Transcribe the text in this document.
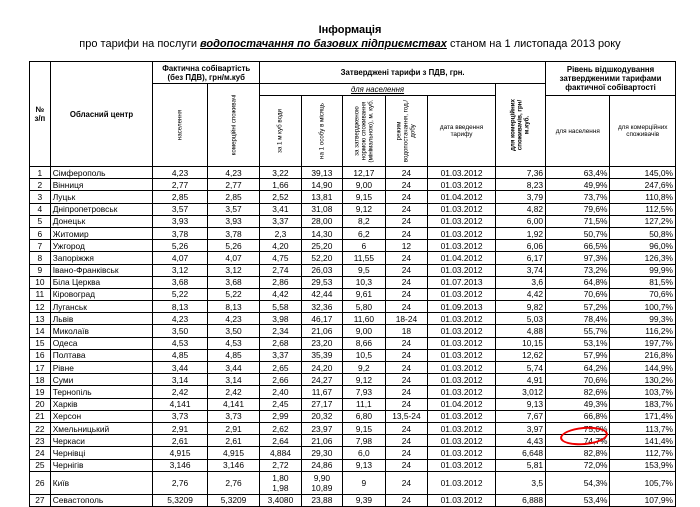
Інформація
про тарифи на послуги водопостачання по базових підприємствах станом на 1 листопада 2013 року
№ з/п	Обласний центр	Фактична собівартість (без ПДВ), грн/м.куб		Затверджені тарифи з ПДВ, грн.						Рівень відшкодування затвердженими тарифами фактичної собівартості	

		населення	комерційні споживачі	для населення					для комерційних споживачів, грн/м.куб.		

				за 1 м куб води	на 1 особу в місяць	за затвердженою нормою споживання (мінімальною), м. куб.	режим водопостачання, год./добу	дата введення тарифу		для населення	для комерційних споживачів
1	Сімферополь	4,23	4,23	3,22	39,13	12,17	24	01.03.2012	7,36	63,4%	145,0%
2	Вінниця	2,77	2,77	1,66	14,90	9,00	24	01.03.2012	8,23	49,9%	247,6%
3	Луцьк	2,85	2,85	2,52	13,81	9,15	24	01.04.2012	3,79	73,7%	110,8%
4	Дніпропетровськ	3,57	3,57	3,41	31,08	9,12	24	01.03.2012	4,82	79,6%	112,5%
5	Донецьк	3,93	3,93	3,37	28,00	8,2	24	01.03.2012	6,00	71,5%	127,2%
6	Житомир	3,78	3,78	2,3	14,30	6,2	24	01.03.2012	1,92	50,7%	50,8%
7	Ужгород	5,26	5,26	4,20	25,20	6	12	01.03.2012	6,06	66,5%	96,0%
8	Запоріжжя	4,07	4,07	4,75	52,20	11,55	24	01.04.2012	6,17	97,3%	126,3%
9	Івано-Франківськ	3,12	3,12	2,74	26,03	9,5	24	01.03.2012	3,74	73,2%	99,9%
10	Біла Церква	3,68	3,68	2,86	29,53	10,3	24	01.07.2013	3,6	64,8%	81,5%
11	Кіровоград	5,22	5,22	4,42	42,44	9,61	24	01.03.2012	4,42	70,6%	70,6%
12	Луганськ	8,13	8,13	5,58	32,36	5,80	24	01.09.2013	9,82	57,2%	100,7%
13	Львів	4,23	4,23	3,98	46,17	11,60	18-24	01.03.2012	5,03	78,4%	99,3%
14	Миколаїв	3,50	3,50	2,34	21,06	9,00	18	01.03.2012	4,88	55,7%	116,2%
15	Одеса	4,53	4,53	2,68	23,20	8,66	24	01.03.2012	10,15	53,1%	197,7%
16	Полтава	4,85	4,85	3,37	35,39	10,5	24	01.03.2012	12,62	57,9%	216,8%
17	Рівне	3,44	3,44	2,65	24,20	9,2	24	01.03.2012	5,74	64,2%	144,9%
18	Суми	3,14	3,14	2,66	24,27	9,12	24	01.03.2012	4,91	70,6%	130,2%
19	Тернопіль	2,42	2,42	2,40	11,67	7,93	24	01.03.2012	3,012	82,6%	103,7%
20	Харків	4,141	4,141	2,45	27,17	11,1	24	01.04.2012	9,13	49,3%	183,7%
21	Херсон	3,73	3,73	2,99	20,32	6,80	13,5-24	01.03.2012	7,67	66,8%	171,4%
22	Хмельницький	2,91	2,91	2,62	23,97	9,15	24	01.03.2012	3,97	75,0%	113,7%
23	Черкаси	2,61	2,61	2,64	21,06	7,98	24	01.03.2012	4,43	74,7%	141,4%
24	Чернівці	4,915	4,915	4,884	29,30	6,0	24	01.03.2012	6,648	82,8%	112,7%
25	Чернігів	3,146	3,146	2,72	24,86	9,13	24	01.03.2012	5,81	72,0%	153,9%
26	Київ	2,76	2,76	1,80
1,98	9,90
10,89	9	24	01.03.2012	3,5	54,3%	105,7%
27	Севастополь	5,3209	5,3209	3,4080	23,88	9,39	24	01.03.2012	6,888	53,4%	107,9%
